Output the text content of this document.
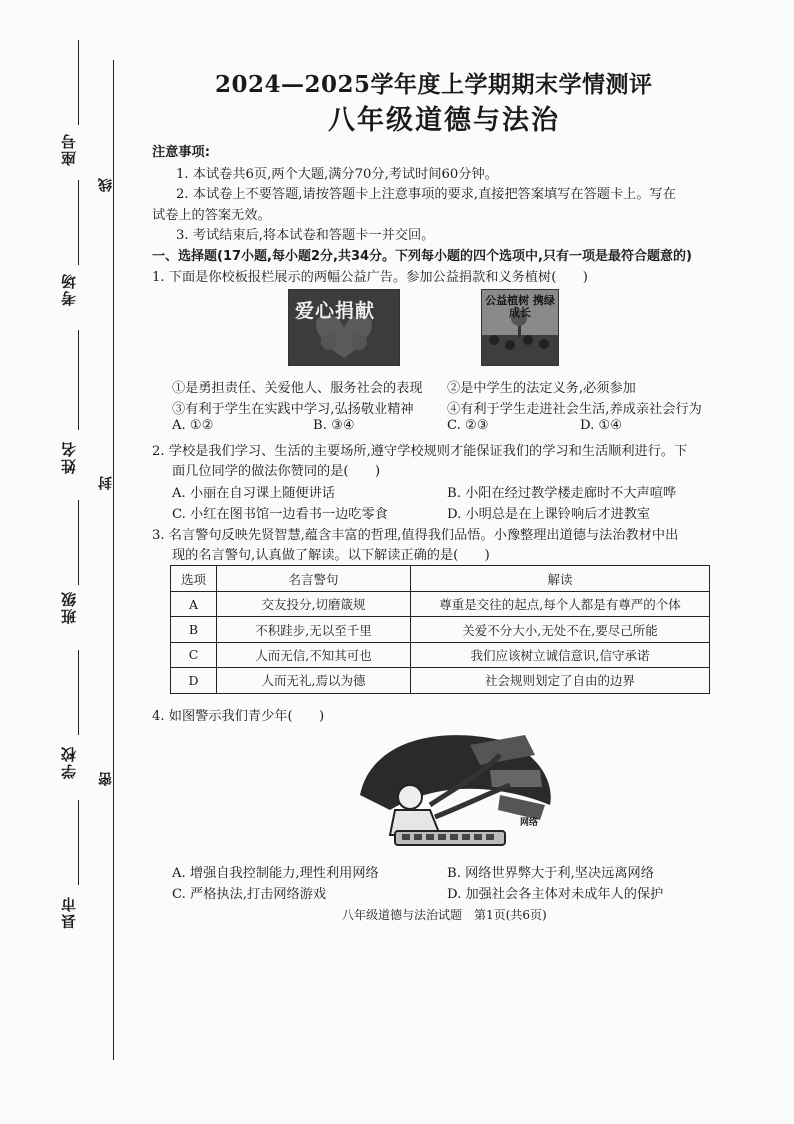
座号
考场
姓名
班级
学校
县市
线
封
密
2024—2025学年度上学期期末学情测评
八年级道德与法治
注意事项:
1. 本试卷共6页,两个大题,满分70分,考试时间60分钟。
2. 本试卷上不要答题,请按答题卡上注意事项的要求,直接把答案填写在答题卡上。写在
试卷上的答案无效。
3. 考试结束后,将本试卷和答题卡一并交回。
一、选择题(17小题,每小题2分,共34分。下列每小题的四个选项中,只有一项是最符合题意的)
1. 下面是你校板报栏展示的两幅公益广告。参加公益捐款和义务植树(　　)
爱心捐献	公益植树 携绿成长
①是勇担责任、关爱他人、服务社会的表现 ②是中学生的法定义务,必须参加
③有利于学生在实践中学习,弘扬敬业精神	④有利于学生走进社会生活,养成亲社会行为
A. ①②	B. ③④	C. ②③	D. ①④
2. 学校是我们学习、生活的主要场所,遵守学校规则才能保证我们的学习和生活顺利进行。下
面几位同学的做法你赞同的是(　　)
A. 小丽在自习课上随便讲话	B. 小阳在经过教学楼走廊时不大声喧哗
C. 小红在图书馆一边看书一边吃零食	D. 小明总是在上课铃响后才进教室
3. 名言警句反映先贤智慧,蕴含丰富的哲理,值得我们品悟。小豫整理出道德与法治教材中出
现的名言警句,认真做了解读。以下解读正确的是(　　)
选项	名言警句	解读
A	交友投分,切磨箴规	尊重是交往的起点,每个人都是有尊严的个体
B	不积跬步,无以至千里	关爱不分大小,无处不在,要尽己所能
C	人而无信,不知其可也	我们应该树立诚信意识,信守承诺
D	人而无礼,焉以为德	社会规则划定了自由的边界
4. 如图警示我们青少年(　　)
网络
A. 增强自我控制能力,理性利用网络	B. 网络世界弊大于利,坚决远离网络
C. 严格执法,打击网络游戏	D. 加强社会各主体对未成年人的保护
八年级道德与法治试题　第1页(共6页)
